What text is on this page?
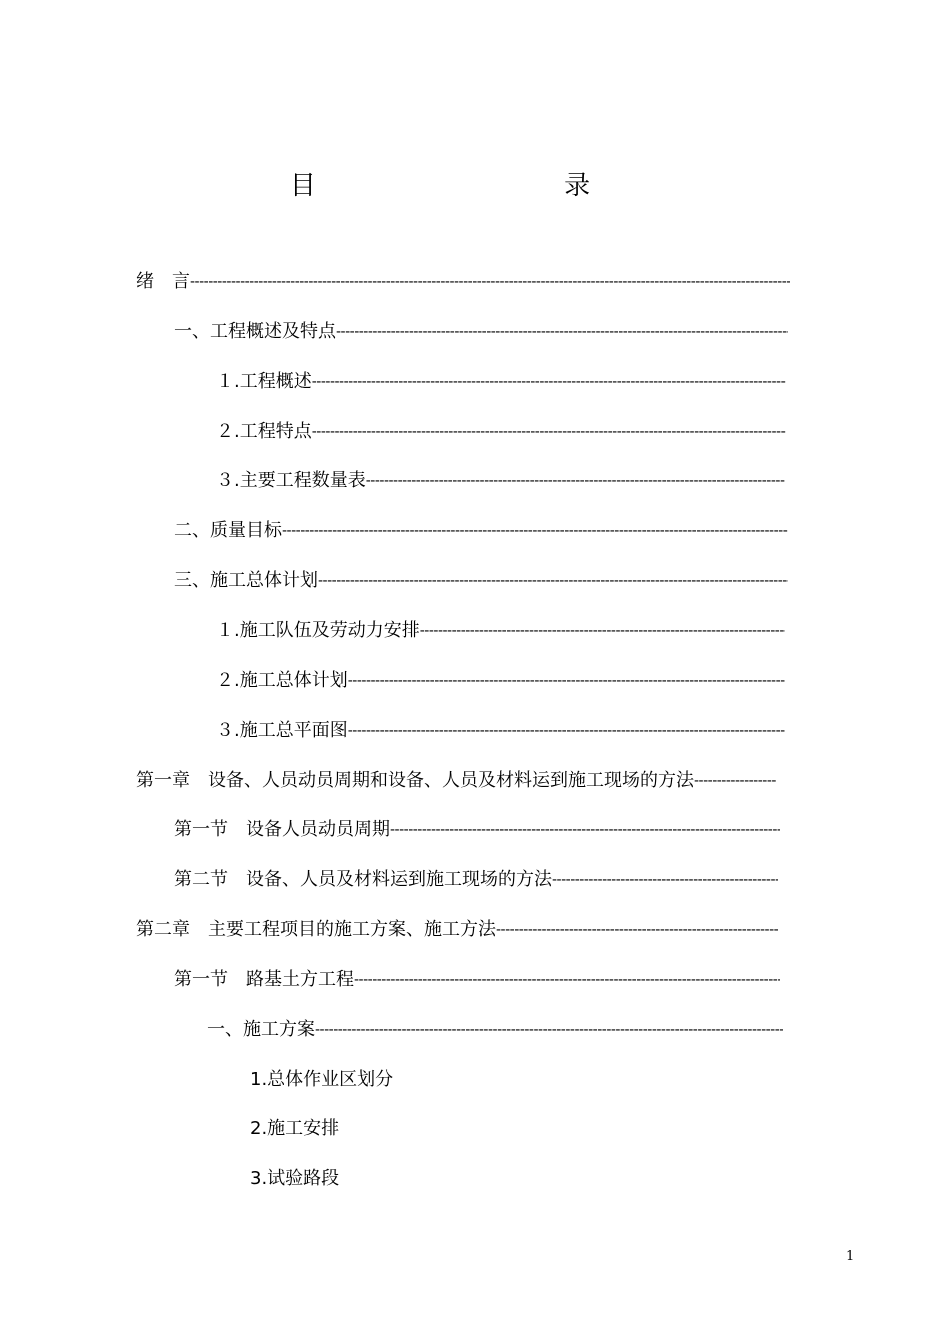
目 录
绪　言
-----
一、工程概述及特点
-----
１.工程概述
-----
２.工程特点
-----
３.主要工程数量表
-----
二、质量目标
-----
三、施工总体计划
-----
１.施工队伍及劳动力安排
-----
２.施工总体计划
-----
３.施工总平面图
-----
第一章　设备、人员动员周期和设备、人员及材料运到施工现场的方法
-----
第一节　设备人员动员周期
-----
第二节　设备、人员及材料运到施工现场的方法
-----
第二章　主要工程项目的施工方案、施工方法
-----
第一节　路基土方工程
-----
一、施工方案
-----
1.总体作业区划分
2.施工安排
3.试验路段
1
